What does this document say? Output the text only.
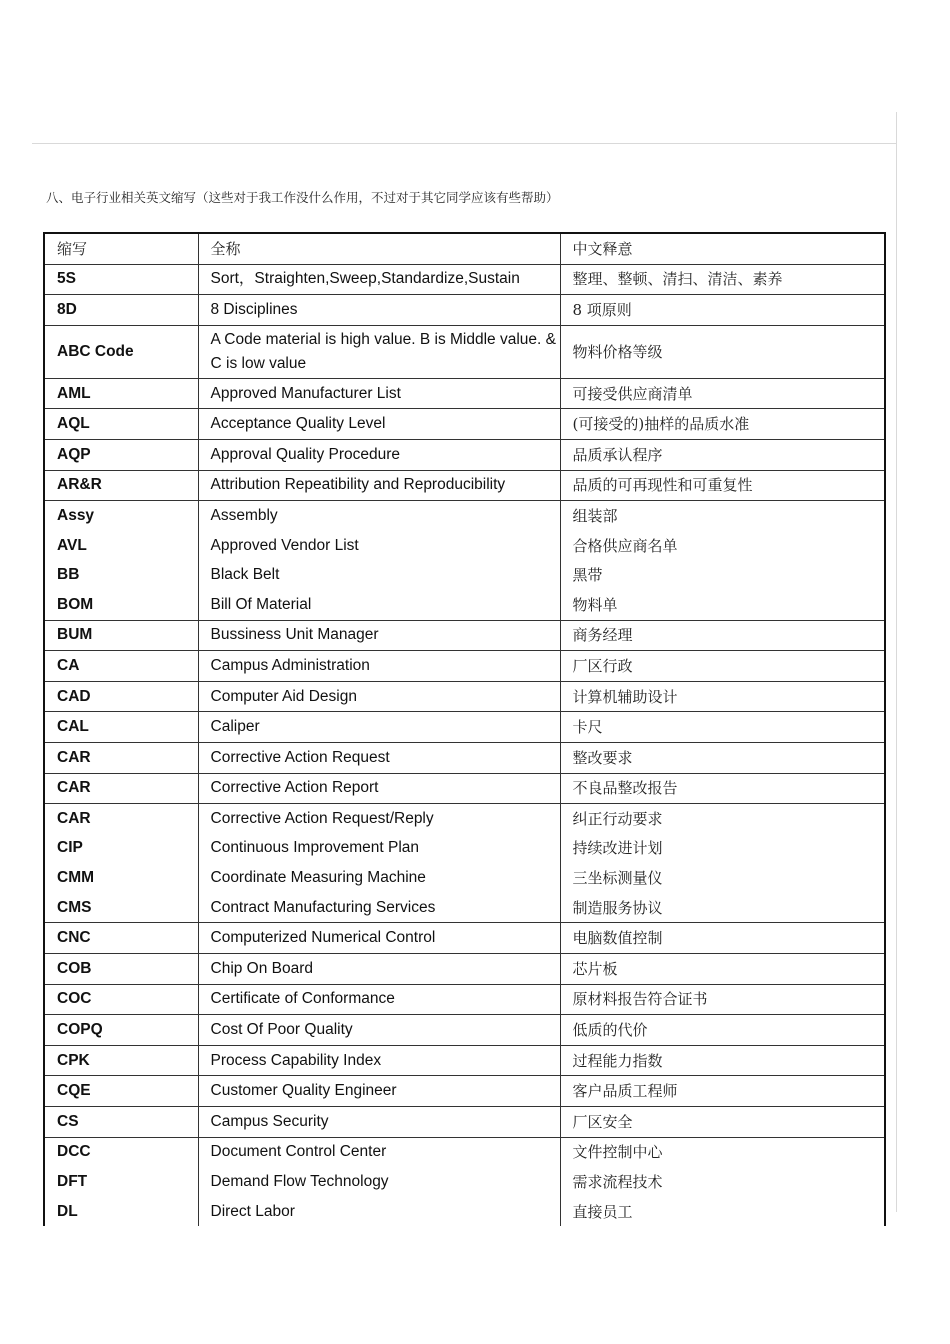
八、电子行业相关英文缩写（这些对于我工作没什么作用，不过对于其它同学应该有些帮助）
缩写	全称	中文释意
5S	Sort，Straighten,Sweep,Standardize,Sustain	整理、整顿、清扫、清洁、素养
8D	8 Disciplines	8 项原则
ABC Code	A Code material is high value. B is Middle value. & C is low value	物料价格等级
AML	Approved Manufacturer List	可接受供应商清单
AQL	Acceptance Quality Level	(可接受的)抽样的品质水准
AQP	Approval Quality Procedure	品质承认程序
AR&R	Attribution Repeatibility and Reproducibility	品质的可再现性和可重复性
Assy	Assembly	组装部
AVL	Approved Vendor List	合格供应商名单
BB	Black Belt	黑带
BOM	Bill Of Material	物料单
BUM	Bussiness Unit Manager	商务经理
CA	Campus Administration	厂区行政
CAD	Computer Aid Design	计算机辅助设计
CAL	Caliper	卡尺
CAR	Corrective Action Request	整改要求
CAR	Corrective Action Report	不良品整改报告
CAR	Corrective Action Request/Reply	纠正行动要求
CIP	Continuous Improvement Plan	持续改进计划
CMM	Coordinate Measuring Machine	三坐标测量仪
CMS	Contract Manufacturing Services	制造服务协议
CNC	Computerized Numerical Control	电脑数值控制
COB	Chip On Board	芯片板
COC	Certificate of Conformance	原材料报告符合证书
COPQ	Cost Of Poor Quality	低质的代价
CPK	Process Capability Index	过程能力指数
CQE	Customer Quality Engineer	客户品质工程师
CS	Campus Security	厂区安全
DCC	Document Control Center	文件控制中心
DFT	Demand Flow Technology	需求流程技术
DL	Direct Labor	直接员工
